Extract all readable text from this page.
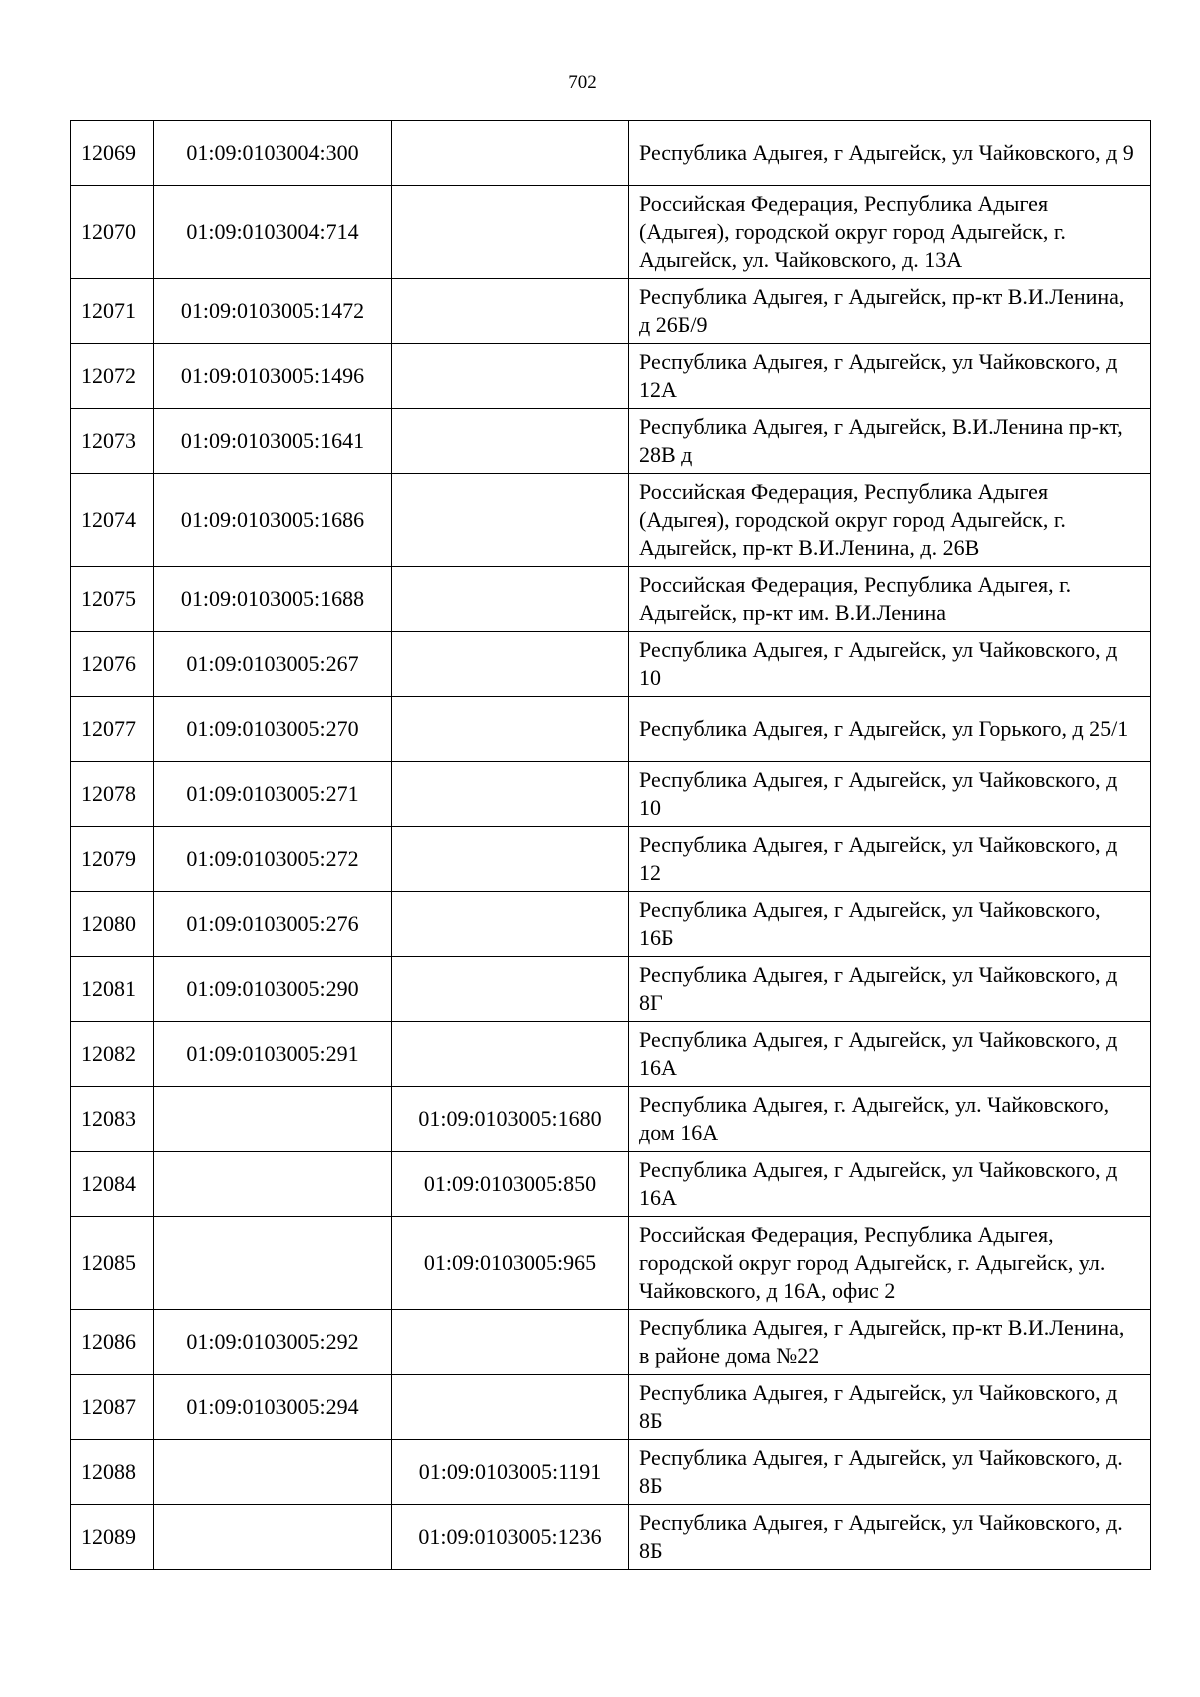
702
12069	01:09:0103004:300		Республика Адыгея, г Адыгейск, ул Чайковского, д 9
12070	01:09:0103004:714		Российская Федерация, Республика Адыгея (Адыгея), городской округ город Адыгейск, г. Адыгейск, ул. Чайковского, д. 13А
12071	01:09:0103005:1472		Республика Адыгея, г Адыгейск, пр-кт В.И.Ленина, д 26Б/9
12072	01:09:0103005:1496		Республика Адыгея, г Адыгейск, ул Чайковского, д 12А
12073	01:09:0103005:1641		Республика Адыгея, г Адыгейск, В.И.Ленина пр-кт, 28В д
12074	01:09:0103005:1686		Российская Федерация, Республика Адыгея (Адыгея), городской округ город Адыгейск, г. Адыгейск, пр-кт В.И.Ленина, д. 26В
12075	01:09:0103005:1688		Российская Федерация, Республика Адыгея, г. Адыгейск, пр-кт им. В.И.Ленина
12076	01:09:0103005:267		Республика Адыгея, г Адыгейск, ул Чайковского, д 10
12077	01:09:0103005:270		Республика Адыгея, г Адыгейск, ул Горького, д 25/1
12078	01:09:0103005:271		Республика Адыгея, г Адыгейск, ул Чайковского, д 10
12079	01:09:0103005:272		Республика Адыгея, г Адыгейск, ул Чайковского, д 12
12080	01:09:0103005:276		Республика Адыгея, г Адыгейск, ул Чайковского, 16Б
12081	01:09:0103005:290		Республика Адыгея, г Адыгейск, ул Чайковского, д 8Г
12082	01:09:0103005:291		Республика Адыгея, г Адыгейск, ул Чайковского, д 16А
12083		01:09:0103005:1680	Республика Адыгея, г. Адыгейск, ул. Чайковского, дом 16А
12084		01:09:0103005:850	Республика Адыгея, г Адыгейск, ул Чайковского, д 16А
12085		01:09:0103005:965	Российская Федерация, Республика Адыгея, городской округ город Адыгейск, г. Адыгейск, ул. Чайковского, д 16А, офис 2
12086	01:09:0103005:292		Республика Адыгея, г Адыгейск, пр-кт В.И.Ленина, в районе дома №22
12087	01:09:0103005:294		Республика Адыгея, г Адыгейск, ул Чайковского, д 8Б
12088		01:09:0103005:1191	Республика Адыгея, г Адыгейск, ул Чайковского, д. 8Б
12089		01:09:0103005:1236	Республика Адыгея, г Адыгейск, ул Чайковского, д. 8Б
